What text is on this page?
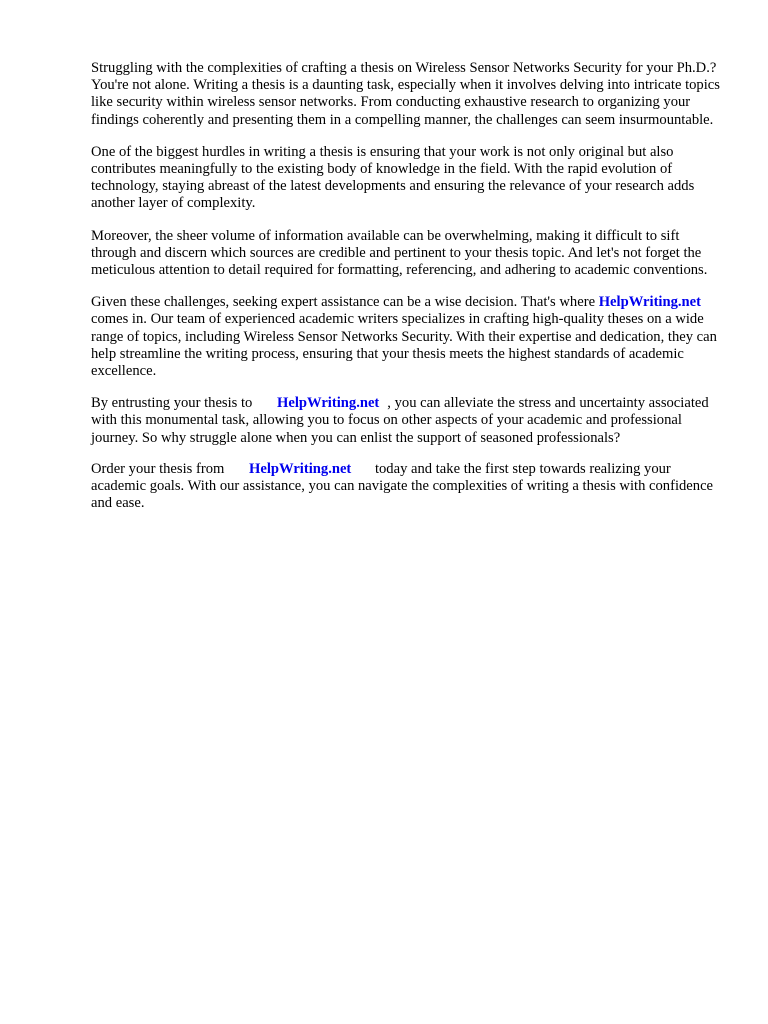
Struggling with the complexities of crafting a thesis on Wireless Sensor Networks Security for your Ph.D.? You're not alone. Writing a thesis is a daunting task, especially when it involves delving into intricate topics like security within wireless sensor networks. From conducting exhaustive research to organizing your findings coherently and presenting them in a compelling manner, the challenges can seem insurmountable.

One of the biggest hurdles in writing a thesis is ensuring that your work is not only original but also contributes meaningfully to the existing body of knowledge in the field. With the rapid evolution of technology, staying abreast of the latest developments and ensuring the relevance of your research adds another layer of complexity.

Moreover, the sheer volume of information available can be overwhelming, making it difficult to sift through and discern which sources are credible and pertinent to your thesis topic. And let's not forget the meticulous attention to detail required for formatting, referencing, and adhering to academic conventions.

Given these challenges, seeking expert assistance can be a wise decision. That's where HelpWriting.net comes in. Our team of experienced academic writers specializes in crafting high-quality theses on a wide range of topics, including Wireless Sensor Networks Security. With their expertise and dedication, they can help streamline the writing process, ensuring that your thesis meets the highest standards of academic excellence.

By entrusting your thesis to HelpWriting.net , you can alleviate the stress and uncertainty associated with this monumental task, allowing you to focus on other aspects of your academic and professional journey. So why struggle alone when you can enlist the support of seasoned professionals?

Order your thesis from HelpWriting.net today and take the first step towards realizing your academic goals. With our assistance, you can navigate the complexities of writing a thesis with confidence and ease.
